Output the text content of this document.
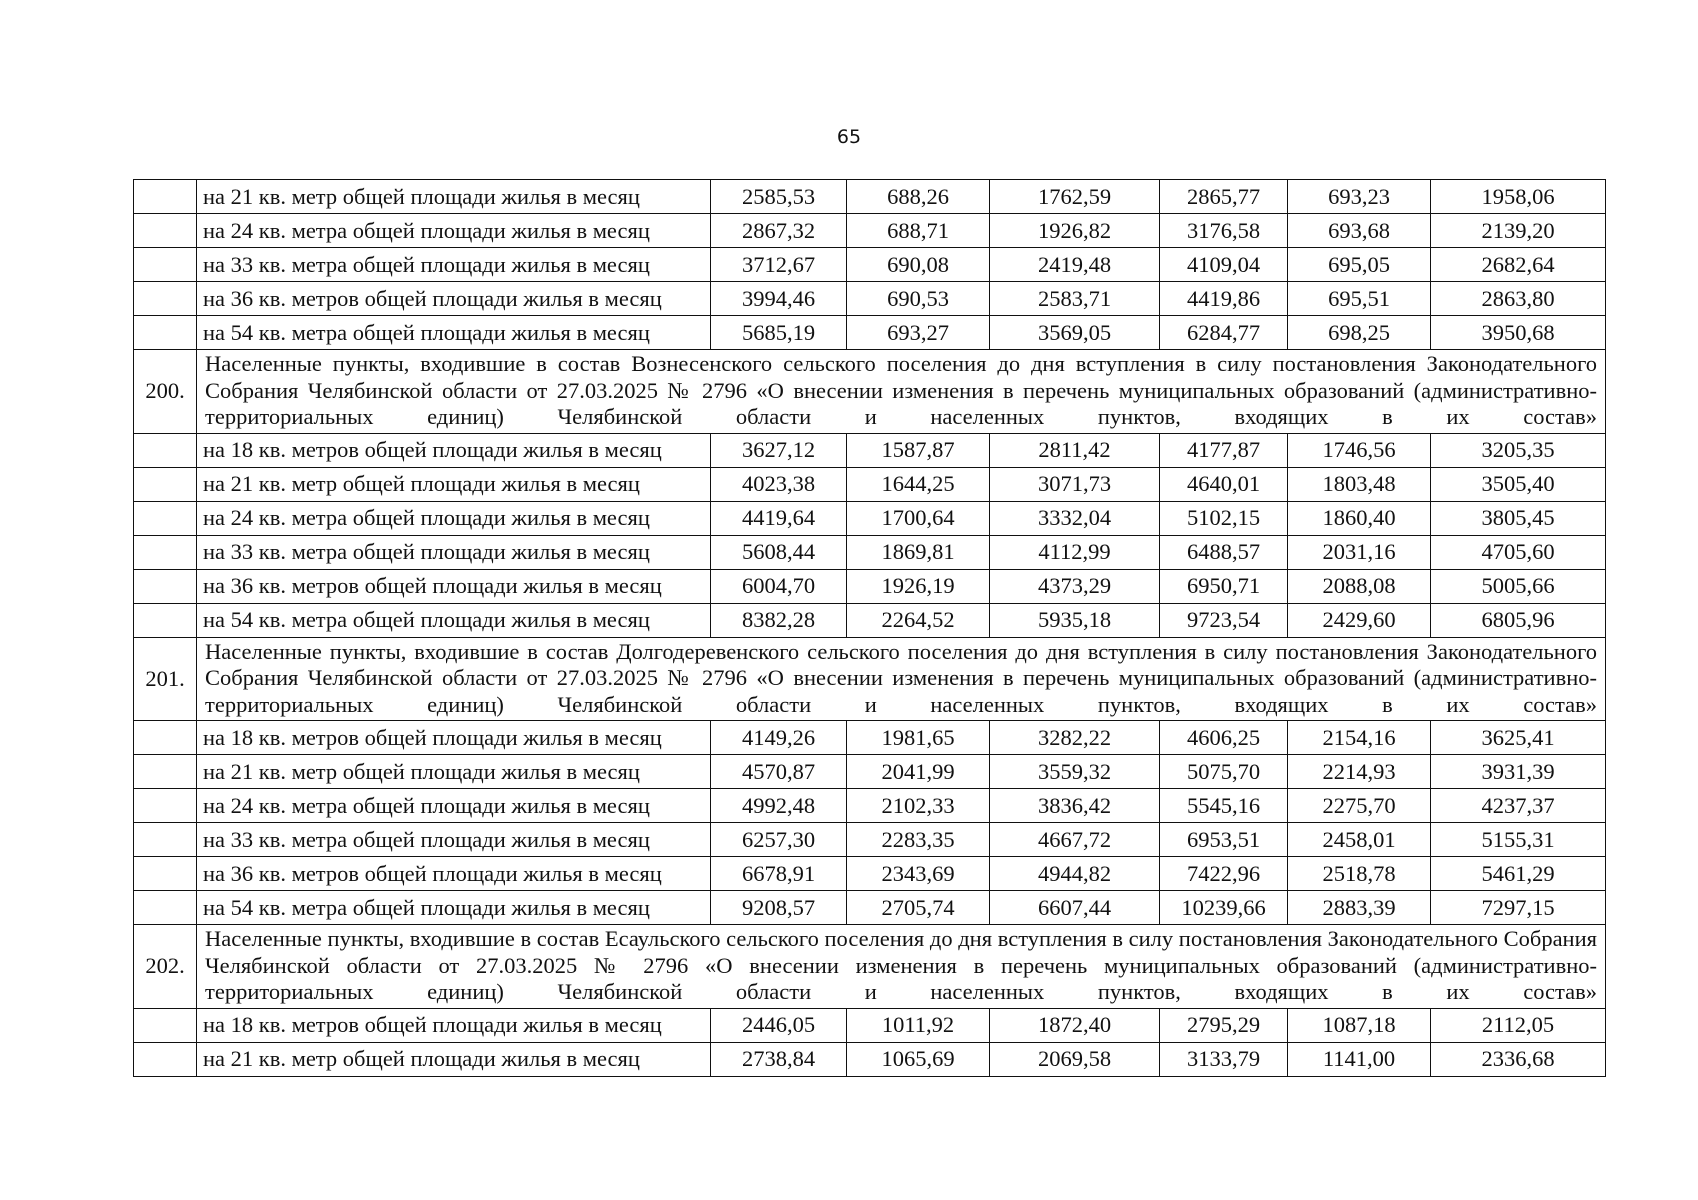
65
	на 21 кв. метр общей площади жилья в месяц	2585,53	688,26	1762,59	2865,77	693,23	1958,06
	на 24 кв. метра общей площади жилья в месяц	2867,32	688,71	1926,82	3176,58	693,68	2139,20
	на 33 кв. метра общей площади жилья в месяц	3712,67	690,08	2419,48	4109,04	695,05	2682,64
	на 36 кв. метров общей площади жилья в месяц	3994,46	690,53	2583,71	4419,86	695,51	2863,80
	на 54 кв. метра общей площади жилья в месяц	5685,19	693,27	3569,05	6284,77	698,25	3950,68
200.	Населенные пункты, входившие в состав Вознесенского сельского поселения до дня вступления в силу постановления Законодательного Собрания Челябинской области от 27.03.2025 № 2796 «О внесении изменения в перечень муниципальных образований (административно-территориальных единиц) Челябинской области и населенных пунктов, входящих в их состав»						
	на 18 кв. метров общей площади жилья в месяц	3627,12	1587,87	2811,42	4177,87	1746,56	3205,35
	на 21 кв. метр общей площади жилья в месяц	4023,38	1644,25	3071,73	4640,01	1803,48	3505,40
	на 24 кв. метра общей площади жилья в месяц	4419,64	1700,64	3332,04	5102,15	1860,40	3805,45
	на 33 кв. метра общей площади жилья в месяц	5608,44	1869,81	4112,99	6488,57	2031,16	4705,60
	на 36 кв. метров общей площади жилья в месяц	6004,70	1926,19	4373,29	6950,71	2088,08	5005,66
	на 54 кв. метра общей площади жилья в месяц	8382,28	2264,52	5935,18	9723,54	2429,60	6805,96
201.	Населенные пункты, входившие в состав Долгодеревенского сельского поселения до дня вступления в силу постановления Законодательного Собрания Челябинской области от 27.03.2025 № 2796 «О внесении изменения в перечень муниципальных образований (административно-территориальных единиц) Челябинской области и населенных пунктов, входящих в их состав»						
	на 18 кв. метров общей площади жилья в месяц	4149,26	1981,65	3282,22	4606,25	2154,16	3625,41
	на 21 кв. метр общей площади жилья в месяц	4570,87	2041,99	3559,32	5075,70	2214,93	3931,39
	на 24 кв. метра общей площади жилья в месяц	4992,48	2102,33	3836,42	5545,16	2275,70	4237,37
	на 33 кв. метра общей площади жилья в месяц	6257,30	2283,35	4667,72	6953,51	2458,01	5155,31
	на 36 кв. метров общей площади жилья в месяц	6678,91	2343,69	4944,82	7422,96	2518,78	5461,29
	на 54 кв. метра общей площади жилья в месяц	9208,57	2705,74	6607,44	10239,66	2883,39	7297,15
202.	Населенные пункты, входившие в состав Есаульского сельского поселения до дня вступления в силу постановления Законодательного Собрания Челябинской области от 27.03.2025 № 2796 «О внесении изменения в перечень муниципальных образований (административно-территориальных единиц) Челябинской области и населенных пунктов, входящих в их состав»						
	на 18 кв. метров общей площади жилья в месяц	2446,05	1011,92	1872,40	2795,29	1087,18	2112,05
	на 21 кв. метр общей площади жилья в месяц	2738,84	1065,69	2069,58	3133,79	1141,00	2336,68
